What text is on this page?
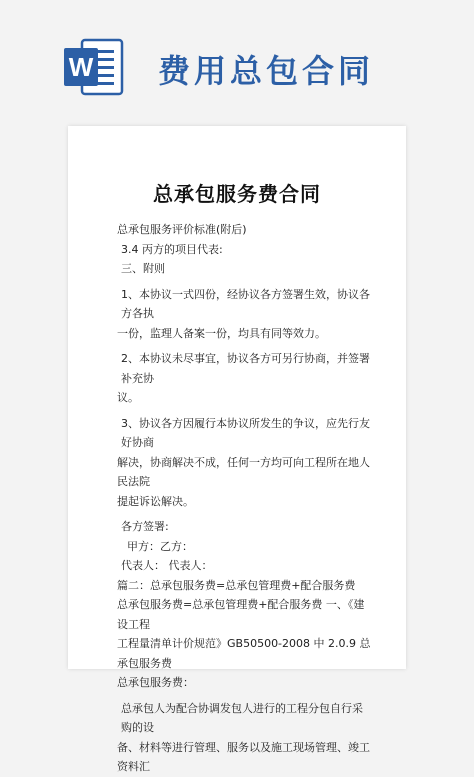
W 费用总包合同
总承包服务费合同

总承包服务评价标准(附后)

3.4 丙方的项目代表:

三、附则

1、本协议一式四份，经协议各方签署生效，协议各方各执

一份，监理人备案一份，均具有同等效力。

2、本协议未尽事宜，协议各方可另行协商，并签署补充协

议。

3、协议各方因履行本协议所发生的争议，应先行友好协商

解决，协商解决不成，任何一方均可向工程所在地人民法院

提起诉讼解决。

各方签署:

甲方：乙方：

代表人： 代表人：

篇二：总承包服务费=总承包管理费+配合服务费

总承包服务费=总承包管理费+配合服务费 一、《建设工程

工程量清单计价规范》GB50500-2008 中 2.0.9 总承包服务费

总承包服务费：

总承包人为配合协调发包人进行的工程分包自行采购的设

备、材料等进行管理、服务以及施工现场管理、竣工资料汇
